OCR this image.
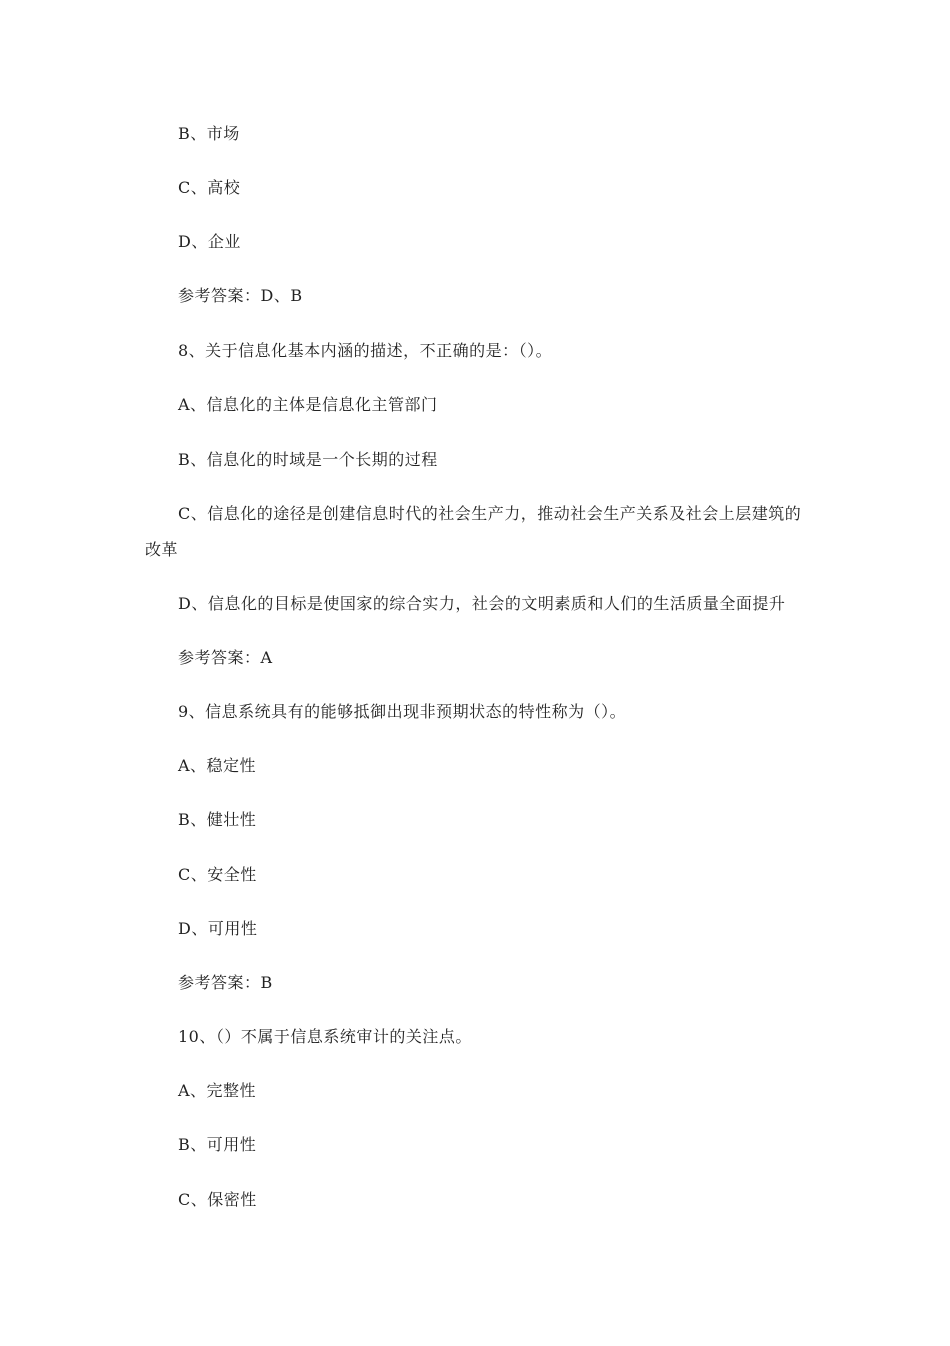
B、市场
C、高校
D、企业
参考答案：D、B
8、关于信息化基本内涵的描述，不正确的是：（）。
A、信息化的主体是信息化主管部门
B、信息化的时域是一个长期的过程
C、信息化的途径是创建信息时代的社会生产力，推动社会生产关系及社会上层建筑的
改革
D、信息化的目标是使国家的综合实力，社会的文明素质和人们的生活质量全面提升
参考答案：A
9、信息系统具有的能够抵御出现非预期状态的特性称为（）。
A、稳定性
B、健壮性
C、安全性
D、可用性
参考答案：B
10、（）不属于信息系统审计的关注点。
A、完整性
B、可用性
C、保密性
